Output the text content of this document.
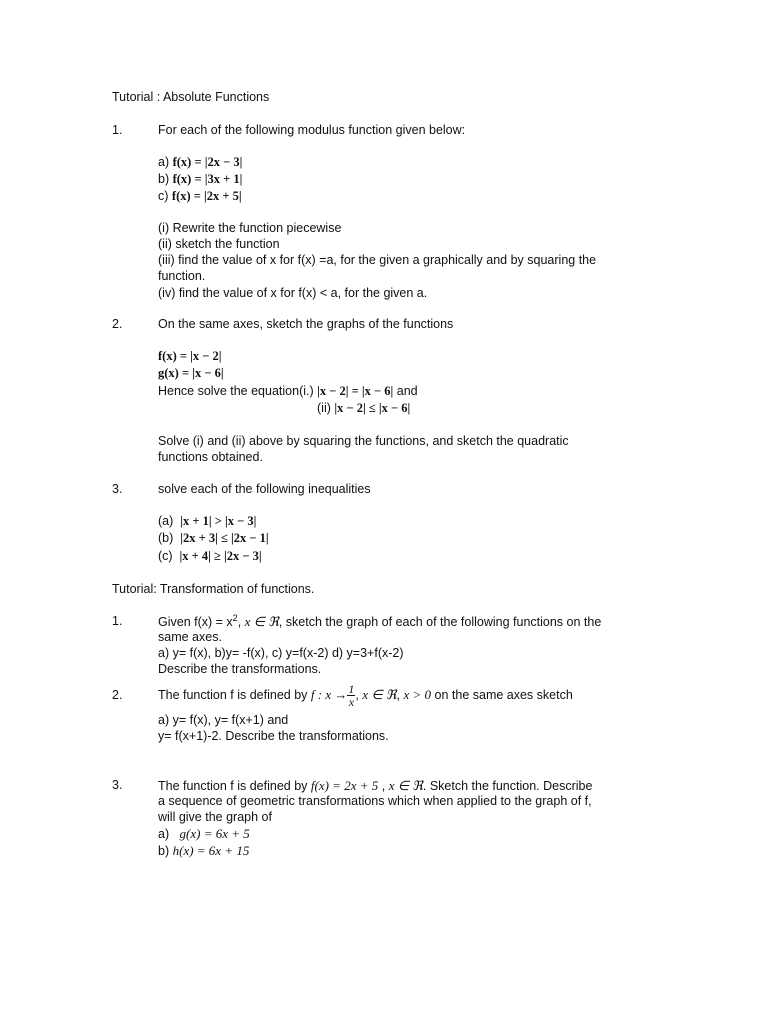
Tutorial : Absolute Functions
1.	For each of the following modulus function given below:
a) f(x) = |2x − 3|
b) f(x) = |3x + 1|
c) f(x) = |2x + 5|
(i) Rewrite the function piecewise
(ii) sketch the function
(iii) find the value of x for f(x) =a, for the given a graphically and by squaring the
function.
(iv) find the value of x for f(x) < a, for the given a.
2.	On the same axes, sketch the graphs of the functions
f(x) = |x − 2|
g(x) = |x − 6|
Hence solve the equation(i.) |x − 2| = |x − 6| and
(ii) |x − 2| ≤ |x − 6|
Solve (i) and (ii) above by squaring the functions, and sketch the quadratic
functions obtained.
3.	solve each of the following inequalities
(a) |x + 1| > |x − 3|
(b) |2x + 3| ≤ |2x − 1|
(c) |x + 4| ≥ |2x − 3|
Tutorial: Transformation of functions.
1.	Given $f(x) = x^2$, x ∈ ℜ, sketch the graph of each of the following functions on the
same axes.
a) y= f(x), b)y= -f(x), c) y=f(x-2) d) y=3+f(x-2)
Describe the transformations.
2.	The function f is defined by f : $x \to \frac{1}{x}$ , x ∈ ℜ, x > 0 on the same axes sketch
a) y= f(x), y= f(x+1) and
y= f(x+1)-2. Describe the transformations.
3.	The function f is defined by f(x) = 2x + 5 , x ∈ ℜ. Sketch the function. Describe
a sequence of geometric transformations which when applied to the graph of f,
will give the graph of
a) g(x) = 6x + 5
b) h(x) = 6x + 15
